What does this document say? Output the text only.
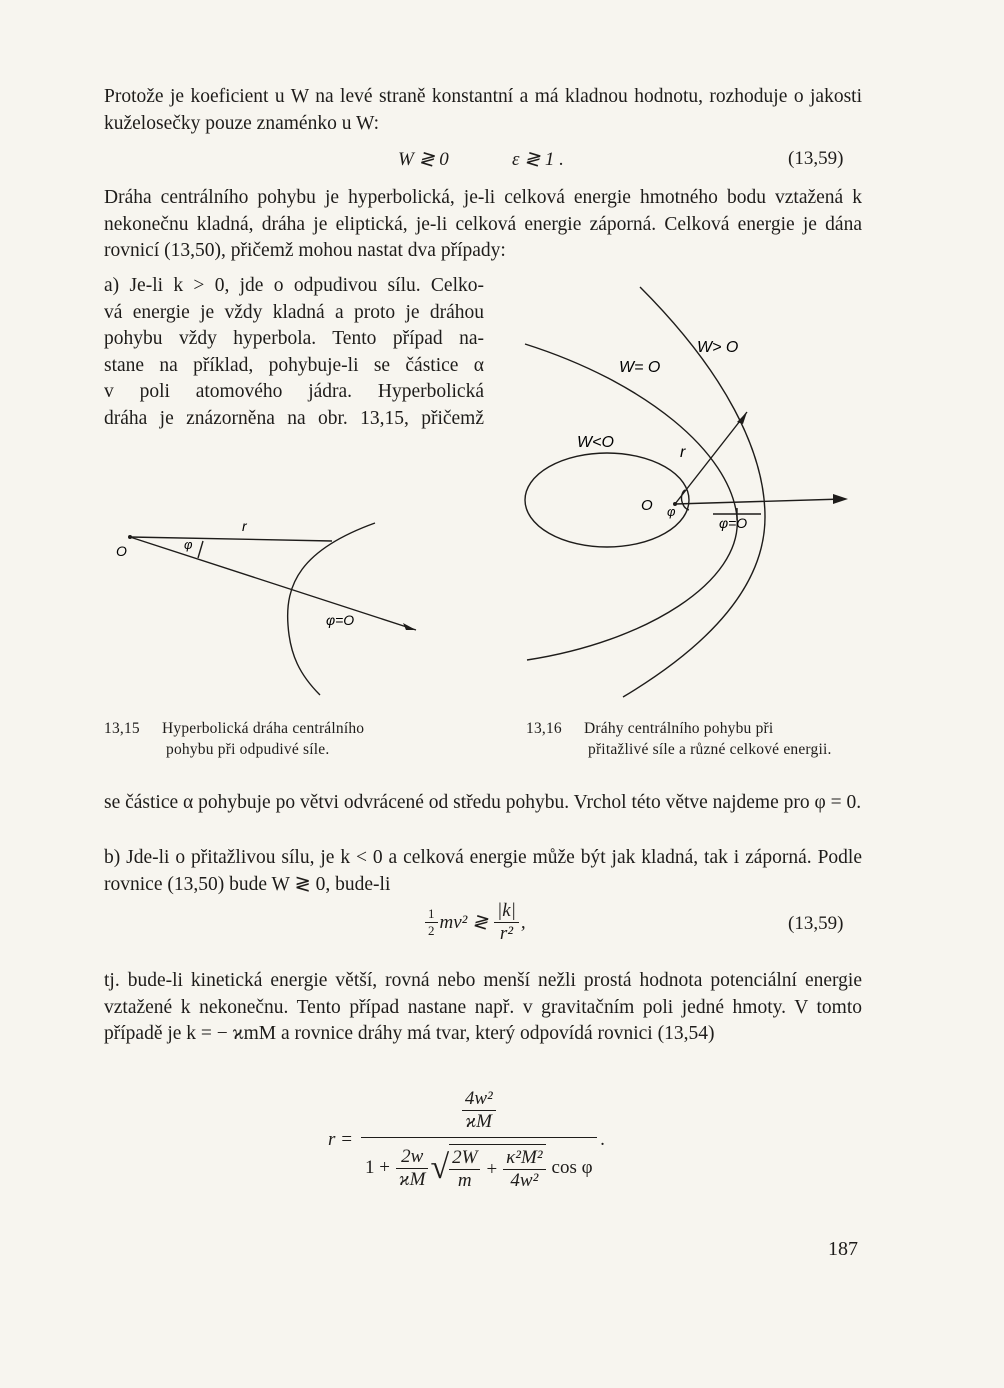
Protože je koeficient u W na levé straně konstantní a má kladnou hodnotu, rozhoduje o jakosti kuželosečky pouze znaménko u W:
W ≷ 0	ε ≷ 1 .	(13,59)
Dráha centrálního pohybu je hyperbolická, je-li celková energie hmotného bodu vztažená k nekonečnu kladná, dráha je eliptická, je-li celková energie záporná. Celková energie je dána rovnicí (13,50), přičemž mohou nastat dva případy:
a) Je-li k > 0, jde o odpudivou sílu. Celko-
vá energie je vždy kladná a proto je dráhou
pohybu vždy hyperbola. Tento případ na-
stane na příklad, pohybuje-li se částice α
v poli atomového jádra. Hyperbolická
dráha je znázorněna na obr. 13,15, přičemž
O
r
φ
φ=O
13,15 Hyperbolická dráha centrálního
pohybu při odpudivé síle.
W> O
W= O
W<O
r
O φ
φ=O
13,16 Dráhy centrálního pohybu při
přitažlivé síle a různé celkové energii.
se částice α pohybuje po větvi odvrácené od středu pohybu. Vrchol této větve najdeme pro φ = 0.
b) Jde-li o přitažlivou sílu, je k < 0 a celková energie může být jak kladná, tak i záporná. Podle rovnice (13,50) bude W ≷ 0, bude-li
$\frac{1}{2} mv^2$ ≷ $\frac{|k|}{\text{r²}}$ ,	(13,59)
tj. bude-li kinetická energie větší, rovná nebo menší nežli prostá hodnota potenciální energie vztažené k nekonečnu. Tento případ nastane např. v gravitačním poli jedné hmoty. V tomto případě je k = − ϰmM a rovnice dráhy má tvar, který odpovídá rovnici (13,54)
r =
$\frac{\text{4w²}}{ϰM}$
$1 + \frac{2w}{ϰM}$ √ $\frac{2W}{m} + \frac{\text{κ²M²}}{\text{4w²}}$ cos φ
.
187
